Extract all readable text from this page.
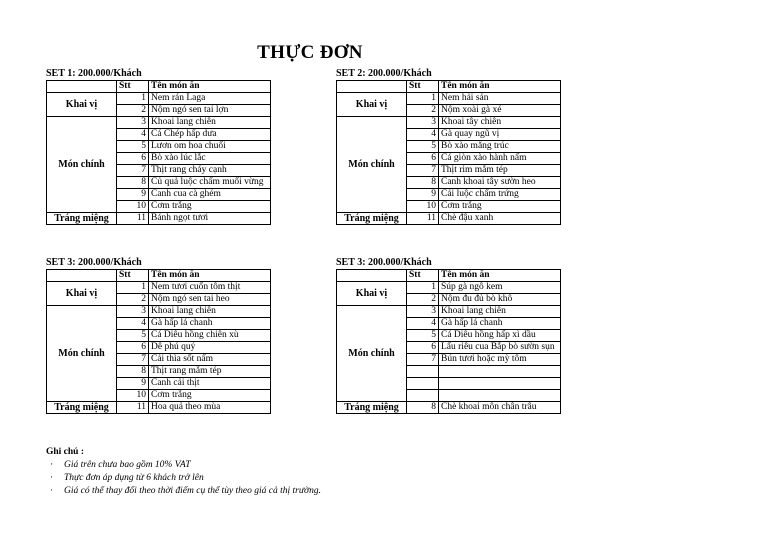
THỰC ĐƠN
SET 1: 200.000/Khách
	Stt	Tên món ăn
Khai vị	1	Nem rán Laga
	2	Nộm ngó sen tai lợn
Món chính	3	Khoai lang chiên
	4	Cá Chép hấp dưa
	5	Lươn om hoa chuối
	6	Bò xào lúc lắc
	7	Thịt rang cháy cạnh
	8	Củ quả luộc chấm muối vừng
	9	Canh cua cà ghém
	10	Cơm trắng
Tráng miệng	11	Bánh ngọt tươi
SET 2: 200.000/Khách
	Stt	Tên món ăn
Khai vị	1	Nem hải sản
	2	Nộm xoài gà xé
Món chính	3	Khoai tây chiên
	4	Gà quay ngũ vị
	5	Bò xào măng trúc
	6	Cá giòn xào hành nấm
	7	Thịt rim mắm tép
	8	Canh khoai tây sườn heo
	9	Cải luộc chấm trứng
	10	Cơm trắng
Tráng miệng	11	Chè đậu xanh
SET 3: 200.000/Khách
	Stt	Tên món ăn
Khai vị	1	Nem tươi cuốn tôm thịt
	2	Nộm ngó sen tai heo
Món chính	3	Khoai lang chiên
	4	Gà hấp lá chanh
	5	Cá Diêu hồng chiên xù
	6	Dê phú quý
	7	Cải thìa sốt nấm
	8	Thịt rang mắm tép
	9	Canh cải thịt
	10	Cơm trắng
Tráng miệng	11	Hoa quả theo mùa
SET 3: 200.000/Khách
	Stt	Tên món ăn
Khai vị	1	Súp gà ngô kem
	2	Nộm đu đủ bò khô
Món chính	3	Khoai lang chiên
	4	Gà hấp lá chanh
	5	Cá Diêu hồng hấp xì dầu
	6	Lẩu riêu cua Bắp bò sườn sụn
	7	Bún tươi hoặc mỳ tôm

Tráng miệng	8	Chè khoai môn chân trâu
Ghi chú :
· Giá trên chưa bao gồm 10% VAT
· Thực đơn áp dụng từ 6 khách trở lên
· Giá có thể thay đổi theo thời điểm cụ thể tùy theo giá cả thị trường.
